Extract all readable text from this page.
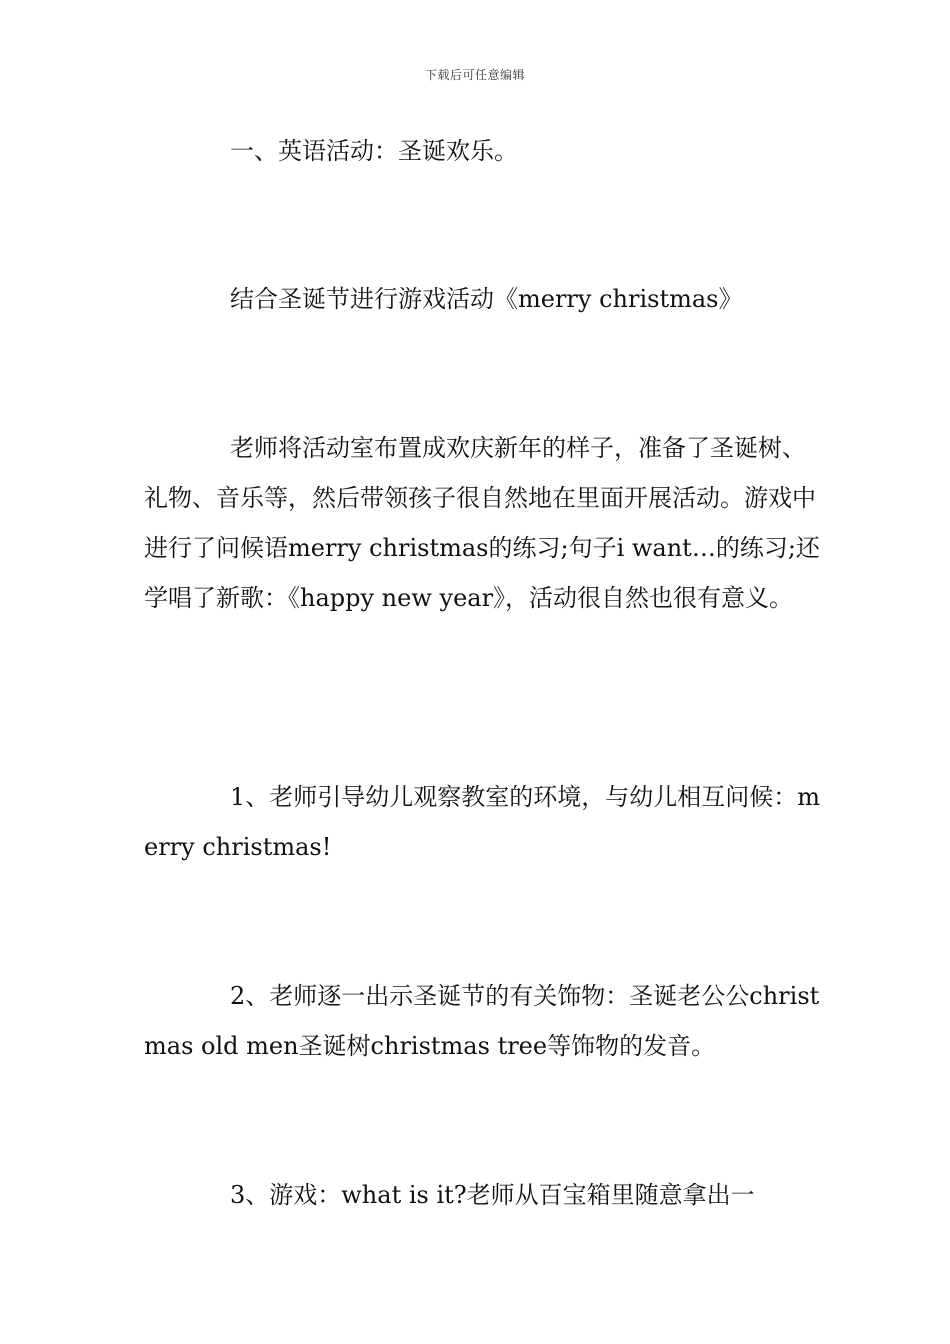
下载后可任意编辑

一、英语活动：圣诞欢乐。

结合圣诞节进行游戏活动《merry christmas》

老师将活动室布置成欢庆新年的样子，准备了圣诞树、礼物、音乐等，然后带领孩子很自然地在里面开展活动。游戏中进行了问候语merry christmas的练习;句子i want…的练习;还学唱了新歌：《happy new year》，活动很自然也很有意义。

1、老师引导幼儿观察教室的环境，与幼儿相互问候：merry christmas!

2、老师逐一出示圣诞节的有关饰物：圣诞老公公christmas old men圣诞树christmas tree等饰物的发音。

3、游戏：what is it?老师从百宝箱里随意拿出一
